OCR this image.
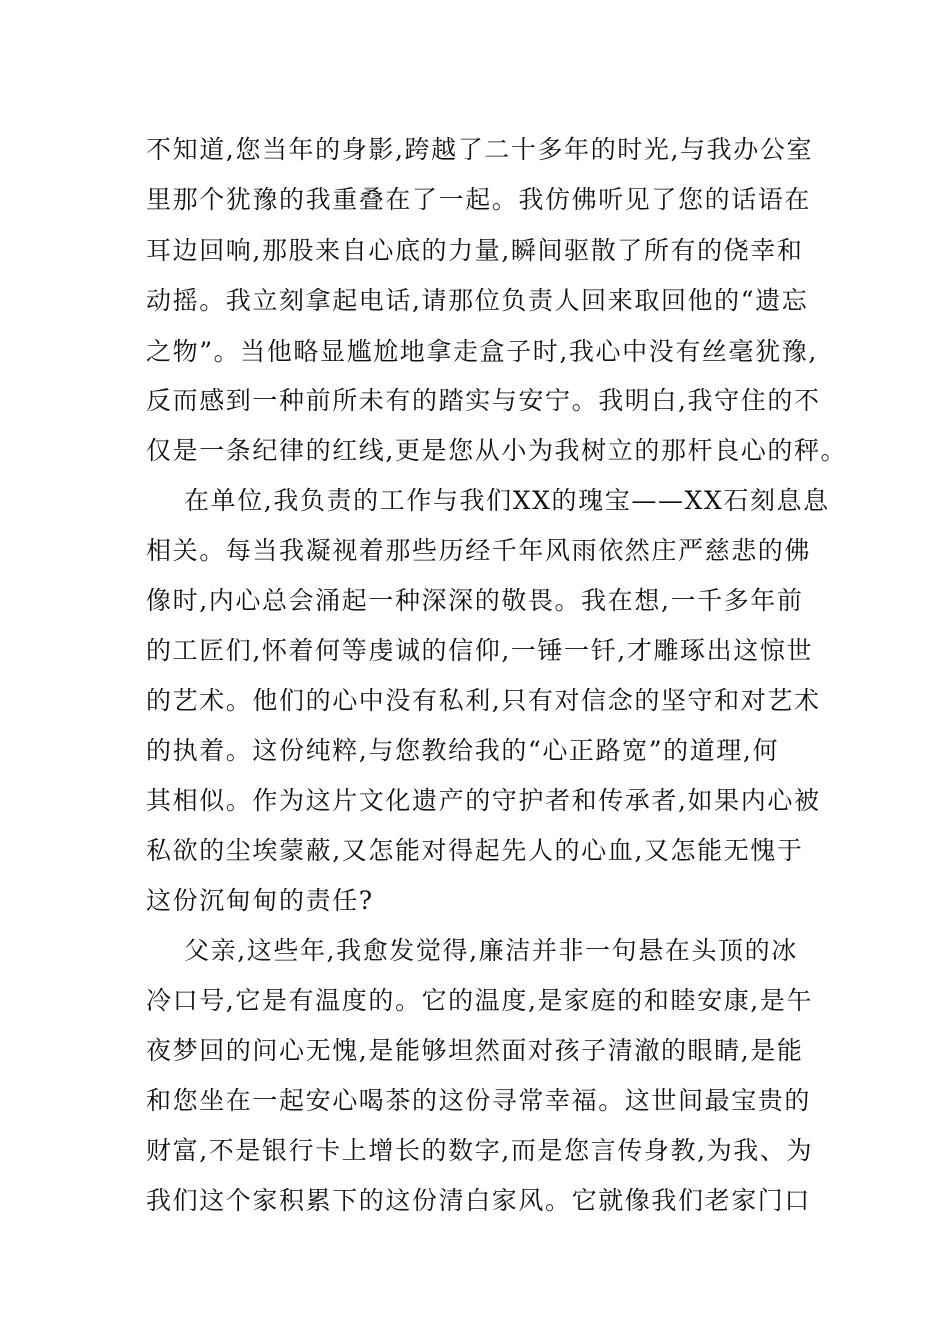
不知道,您当年的身影,跨越了二十多年的时光,与我办公室

里那个犹豫的我重叠在了一起。我仿佛听见了您的话语在

耳边回响,那股来自心底的力量,瞬间驱散了所有的侥幸和

动摇。我立刻拿起电话,请那位负责人回来取回他的“遗忘

之物”。当他略显尴尬地拿走盒子时,我心中没有丝毫犹豫,

反而感到一种前所未有的踏实与安宁。我明白,我守住的不

仅是一条纪律的红线,更是您从小为我树立的那杆良心的秤。

在单位,我负责的工作与我们XX的瑰宝——XX石刻息息

相关。每当我凝视着那些历经千年风雨依然庄严慈悲的佛

像时,内心总会涌起一种深深的敬畏。我在想,一千多年前

的工匠们,怀着何等虔诚的信仰,一锤一钎,才雕琢出这惊世

的艺术。他们的心中没有私利,只有对信念的坚守和对艺术

的执着。这份纯粹,与您教给我的“心正路宽”的道理,何

其相似。作为这片文化遗产的守护者和传承者,如果内心被

私欲的尘埃蒙蔽,又怎能对得起先人的心血,又怎能无愧于

这份沉甸甸的责任?

父亲,这些年,我愈发觉得,廉洁并非一句悬在头顶的冰

冷口号,它是有温度的。它的温度,是家庭的和睦安康,是午

夜梦回的问心无愧,是能够坦然面对孩子清澈的眼睛,是能

和您坐在一起安心喝茶的这份寻常幸福。这世间最宝贵的

财富,不是银行卡上增长的数字,而是您言传身教,为我、为

我们这个家积累下的这份清白家风。它就像我们老家门口
